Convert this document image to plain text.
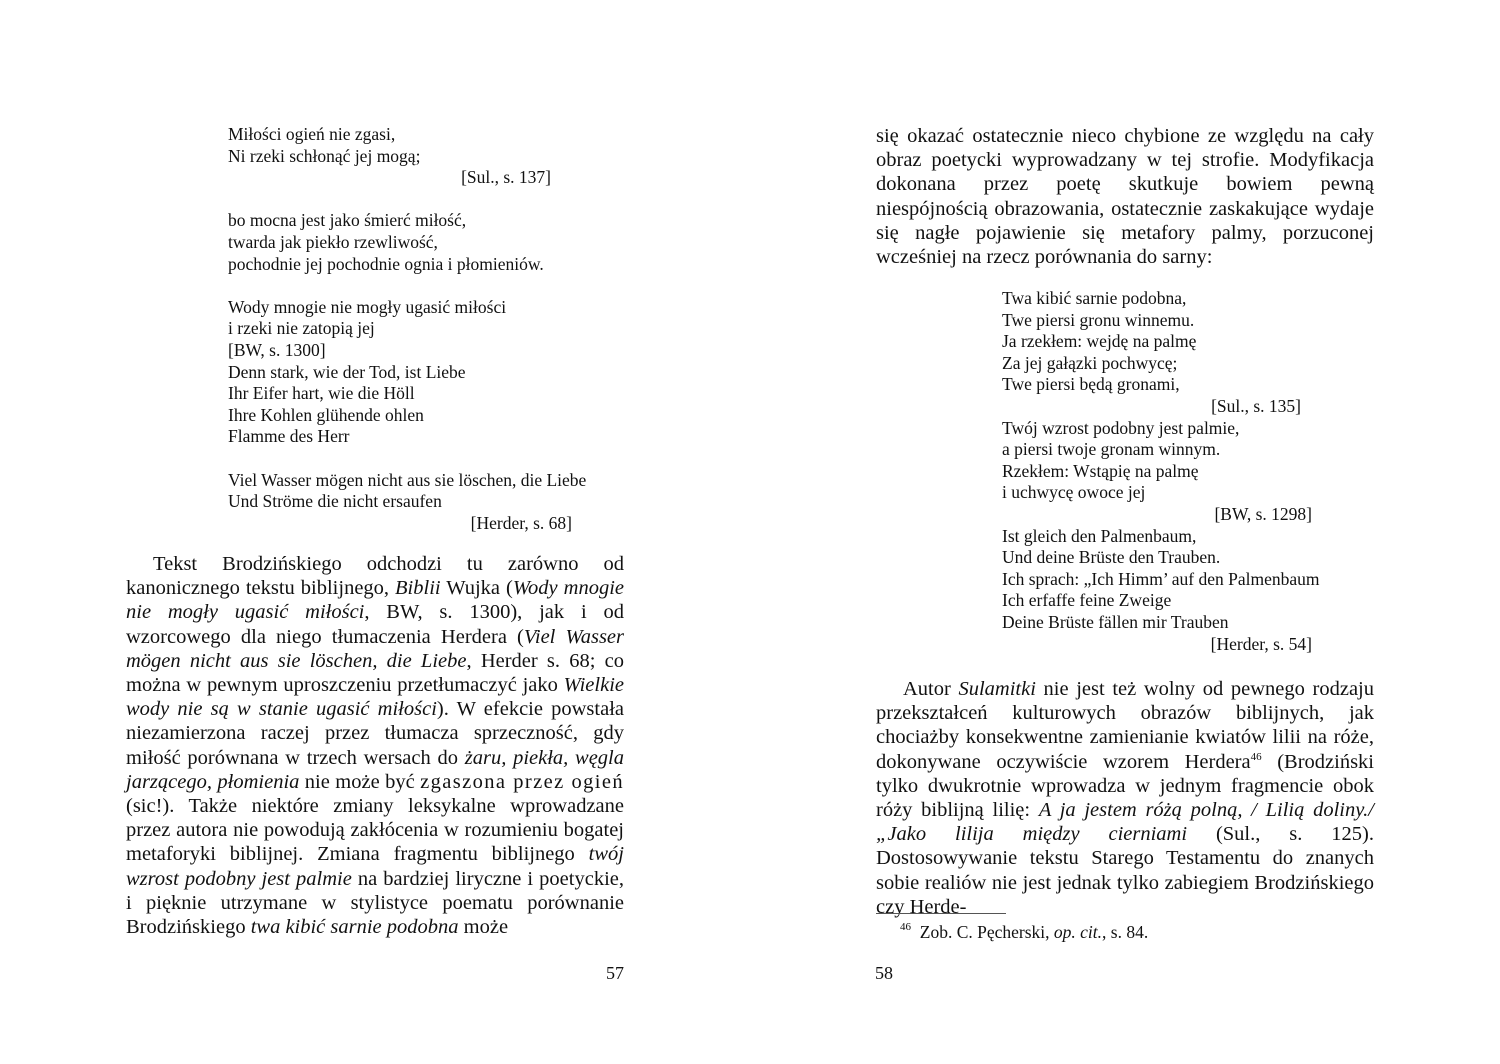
Miłości ogień nie zgasi,
Ni rzeki schłonąć jej mogą;
[Sul., s. 137]
bo mocna jest jako śmierć miłość,
twarda jak piekło rzewliwość,
pochodnie jej pochodnie ognia i płomieniów.
Wody mnogie nie mogły ugasić miłości
i rzeki nie zatopią jej
[BW, s. 1300]
Denn stark, wie der Tod, ist Liebe
Ihr Eifer hart, wie die Höll
Ihre Kohlen glühende ohlen
Flamme des Herr
Viel Wasser mögen nicht aus sie löschen, die Liebe
Und Ströme die nicht ersaufen
[Herder, s. 68]

Tekst Brodzińskiego odchodzi tu zarówno od kanonicznego tekstu biblijnego, Biblii Wujka (Wody mnogie nie mogły ugasić miłości, BW, s. 1300), jak i od wzorcowego dla niego tłumaczenia Herdera (Viel Wasser mögen nicht aus sie löschen, die Liebe, Herder s. 68; co można w pewnym uproszczeniu przetłumaczyć jako Wielkie wody nie są w stanie ugasić miłości). W efekcie powstała niezamierzona raczej przez tłumacza sprzeczność, gdy miłość porównana w trzech wersach do żaru, piekła, węgla jarzącego, płomienia nie może być zgaszona przez ogień (sic!). Także niektóre zmiany leksykalne wprowadzane przez autora nie powodują zakłócenia w rozumieniu bogatej metaforyki biblijnej. Zmiana fragmentu biblijnego twój wzrost podobny jest palmie na bardziej liryczne i poetyckie, i pięknie utrzymane w stylistyce poematu porównanie Brodzińskiego twa kibić sarnie podobna może

57

się okazać ostatecznie nieco chybione ze względu na cały obraz poetycki wyprowadzany w tej strofie. Modyfikacja dokonana przez poetę skutkuje bowiem pewną niespójnością obrazowania, ostatecznie zaskakujące wydaje się nagłe pojawienie się metafory palmy, porzuconej wcześniej na rzecz porównania do sarny:

Twa kibić sarnie podobna,
Twe piersi gronu winnemu.
Ja rzekłem: wejdę na palmę
Za jej gałązki pochwycę;
Twe piersi będą gronami,
[Sul., s. 135]
Twój wzrost podobny jest palmie,
a piersi twoje gronam winnym.
Rzekłem: Wstąpię na palmę
i uchwycę owoce jej
[BW, s. 1298]
Ist gleich den Palmenbaum,
Und deine Brüste den Trauben.
Ich sprach: „Ich Himm’ auf den Palmenbaum
Ich erfaffe feine Zweige
Deine Brüste fällen mir Trauben
[Herder, s. 54]

Autor Sulamitki nie jest też wolny od pewnego rodzaju przekształceń kulturowych obrazów biblijnych, jak chociażby konsekwentne zamienianie kwiatów lilii na róże, dokonywane oczywiście wzorem Herdera$^{46}$ (Brodziński tylko dwukrotnie wprowadza w jednym fragmencie obok róży biblijną lilię: A ja jestem różą polną, / Lilią doliny./ „Jako lilija między cierniami (Sul., s. 125). Dostosowywanie tekstu Starego Testamentu do znanych sobie realiów nie jest jednak tylko zabiegiem Brodzińskiego czy Herde-

$^{46}$ Zob. C. Pęcherski, op. cit., s. 84.
58
